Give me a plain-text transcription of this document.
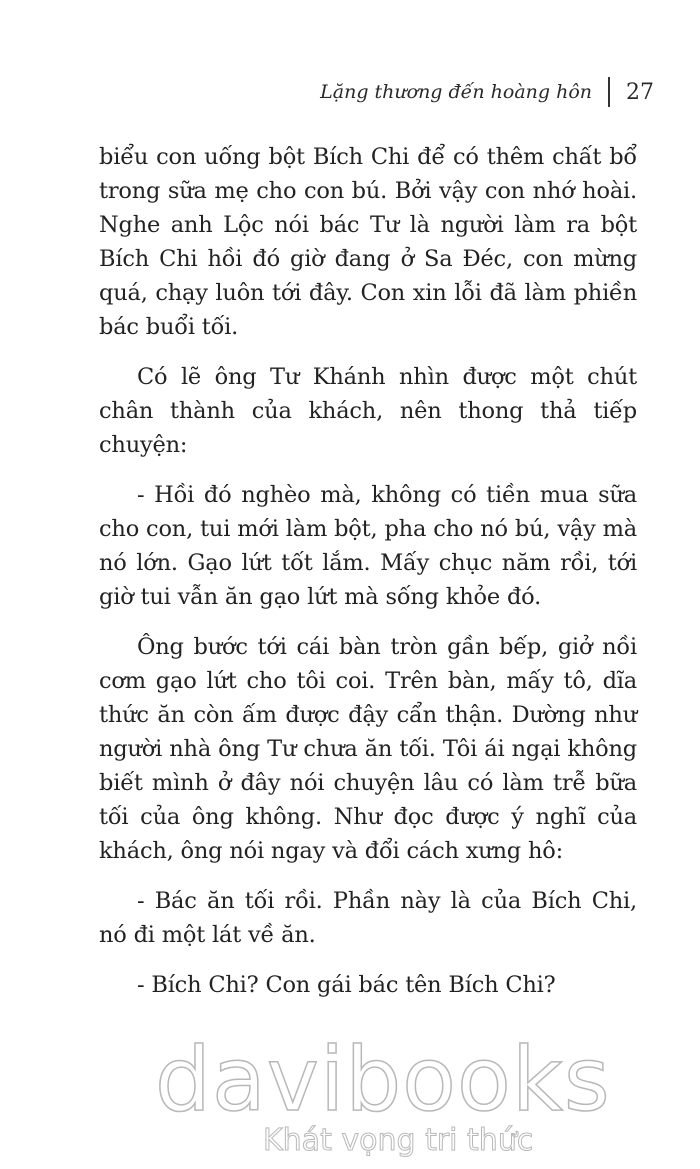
Lặng thương đến hoàng hôn	27

biểu con uống bột Bích Chi để có thêm chất bổ trong sữa mẹ cho con bú. Bởi vậy con nhớ hoài. Nghe anh Lộc nói bác Tư là người làm ra bột Bích Chi hồi đó giờ đang ở Sa Đéc, con mừng quá, chạy luôn tới đây. Con xin lỗi đã làm phiền bác buổi tối.

Có lẽ ông Tư Khánh nhìn được một chút chân thành của khách, nên thong thả tiếp chuyện:

- Hồi đó nghèo mà, không có tiền mua sữa cho con, tui mới làm bột, pha cho nó bú, vậy mà nó lớn. Gạo lứt tốt lắm. Mấy chục năm rồi, tới giờ tui vẫn ăn gạo lứt mà sống khỏe đó.

Ông bước tới cái bàn tròn gần bếp, giở nồi cơm gạo lứt cho tôi coi. Trên bàn, mấy tô, dĩa thức ăn còn ấm được đậy cẩn thận. Dường như người nhà ông Tư chưa ăn tối. Tôi ái ngại không biết mình ở đây nói chuyện lâu có làm trễ bữa tối của ông không. Như đọc được ý nghĩ của khách, ông nói ngay và đổi cách xưng hô:

- Bác ăn tối rồi. Phần này là của Bích Chi, nó đi một lát về ăn.

- Bích Chi? Con gái bác tên Bích Chi?

davibooks
Khát vọng tri thức
